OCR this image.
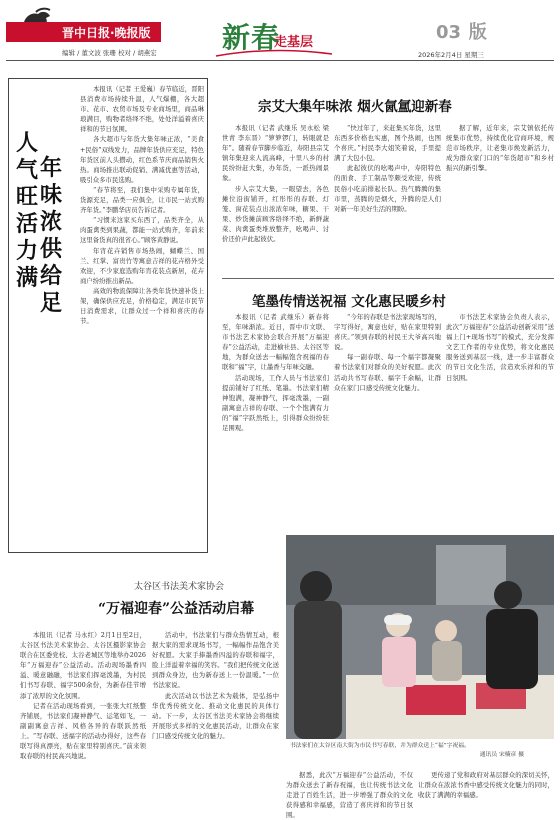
晋中日报·晚报版
编辑 / 董文波 张珊 校对 / 胡燕宏 新春
走基层	03 版
2026年2月4日 星期三
人气旺活力满
年味浓供给足

本报讯（记者 王爱巍）春节临近，晋阳县消费市场持续升温，人气爆棚，各大超市、花市、农贸市场及专业商场里，商品琳琅满目，购物者络绎不绝，处处洋溢着喜庆祥和的节日氛围。

各大超市与年货大集年味正浓，“美食+民俗”双线发力，品牌年货供应充足，特色年货区前人头攒动，红色系节庆商品销售火热。商场推出联动促销、满减优惠等活动，吸引众多市民选购。

“春节将至，我们集中采购专属年货，货源充足，品类一应俱全，让市民一站式购齐年货。”李鹏华店员告诉记者。

“习惯来这家买东西了，品类齐全，从肉蛋禽类到果蔬，都能一站式购齐，年前来这里备货真的很省心。”顾客黄静说。

年宵花卉销售市场热闹，蝴蝶兰、国兰、红掌、富贵竹等寓意吉祥的花卉格外受欢迎，不少家庭选购年宵花装点新居，花卉商户纷纷推出新品。

高效的物流保障让各类年货快速补货上架，确保供应充足，价格稳定，满足市民节日消费需求，让群众过一个祥和喜庆的春节。

宗艾大集年味浓 烟火氤氲迎新春

本报讯（记者 武继乐 吴永松 梁世青 李东晋）“箩箩锣门，转眼就是年”。随着春节脚步临近，寿阳县宗艾镇年集迎来人流高峰，十里八乡的村民纷纷赶大集，办年货，一派热闹景象。

步入宗艾大集，一眼望去，各色摊位沿街铺开，红彤彤的春联、灯笼、窗花装点出浓浓年味，糖果、干果、炒货摊前顾客络绎不绝，新鲜蔬菜、肉禽蛋类堆放整齐，吆喝声、讨价还价声此起彼伏。

“快过年了，来赶集买年货，这里东西多价格也实惠，图个热闹，也图个喜庆。”村民李大姐笑着说，手里提满了大包小包。

此起彼伏的吆喝声中，寿阳特色的面食、手工制品等颇受欢迎，传统民俗小吃前排起长队。热气腾腾的集市里，蒸腾的是烟火，升腾的是人们对新一年美好生活的期盼。

据了解，近年来，宗艾镇依托传统集市优势，持续优化营商环境，规范市场秩序，让老集市焕发新活力，成为群众家门口的“年货超市”和乡村振兴的新引擎。

笔墨传情送祝福 文化惠民暖乡村

本报讯（记者 武继乐）新春将至，年味渐浓。近日，晋中市文联、市书法艺术家协会联合开展“万福迎春”公益活动，走进榆社县、太谷区等地，为群众送去一幅幅饱含祝福的春联和“福”字，让墨香与年味交融。

活动现场，工作人员与书法家们提前铺好了红纸、笔墨。书法家们精神饱满，凝神静气，挥毫泼墨，一副副寓意吉祥的春联、一个个饱满有力的“福”字跃然纸上，引得群众纷纷驻足围观。

“今年的春联是书法家现场写的，字写得好，寓意也好，贴在家里特别喜庆。”领到春联的村民王大爷高兴地说。

每一副春联、每一个福字都凝聚着书法家们对群众的美好祝愿。此次活动共书写春联、福字千余幅，让群众在家门口感受传统文化魅力。

市书法艺术家协会负责人表示，此次“万福迎春”公益活动创新采用“送福上门+现场书写”的模式，充分发挥文艺工作者的专业优势，将文化惠民服务送到基层一线，进一步丰富群众的节日文化生活，营造欢乐祥和的节日氛围。

书法家们在太谷区南大街为市民书写春联，并为群众送上“福”字祝福。
通讯员 宋楠彦 摄
太谷区书法美术家协会
“万福迎春”公益活动启幕

本报讯（记者 马永红）2月1日至2日，太谷区书法美术家协会、太谷区摄影家协会联合在区委党校、太谷老城区等地举办2026年“万福迎春”公益活动。活动现场墨香四溢、暖意融融，书法家们挥毫泼墨，为村民们书写春联、福字500余份，为新春佳节增添了浓厚的文化氛围。

记者在活动现场看到，一张张大红纸整齐铺展，书法家们凝神静气、运笔如飞，一副副寓意吉祥、风格各异的春联跃然纸上。“写春联、送福字的活动办得好，这些春联写得真漂亮，贴在家里特别喜庆。”前来领取春联的村民高兴地说。

活动中，书法家们与群众热情互动，根据大家的需求现场书写，一幅幅作品饱含美好祝愿。大家手捧墨香四溢的春联和福字，脸上洋溢着幸福的笑容。“我们把传统文化送到群众身边，也为新春送上一份温暖。”一位书法家说。

此次活动以书法艺术为载体，是弘扬中华优秀传统文化、推动文化惠民的具体行动。下一步，太谷区书法美术家协会将继续开展形式多样的文化惠民活动，让群众在家门口感受传统文化的魅力。

据悉，此次“万福迎春”公益活动，不仅为群众送去了新春祝福，也让传统书法文化走进了百姓生活，进一步增强了群众的文化获得感和幸福感，营造了喜庆祥和的节日氛围。

更传递了党和政府对基层群众的深切关怀，让群众在浓浓书香中感受传统文化魅力的同时，收获了满满的幸福感。
